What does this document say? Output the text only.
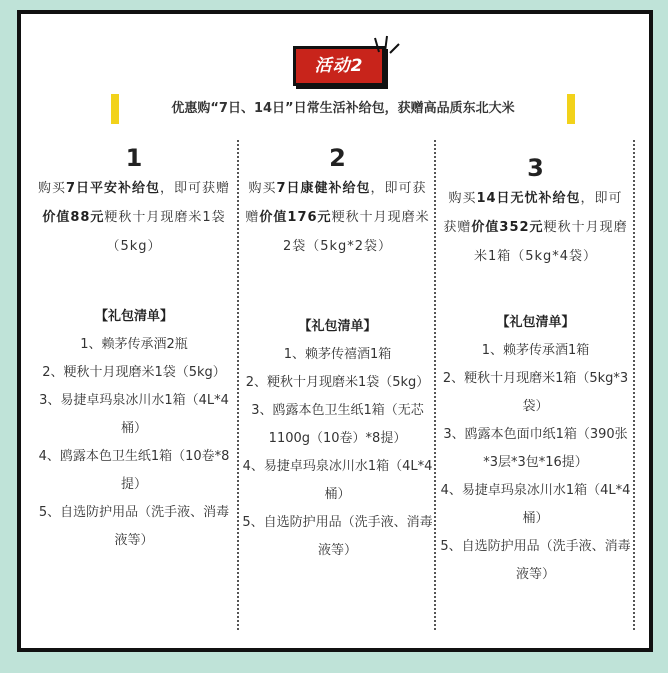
活动2
优惠购“7日、14日”日常生活补给包，获赠高品质东北大米
1
购买7日平安补给包，即可获赠价值88元粳秋十月现磨米1袋（5kg）
【礼包清单】
1、赖茅传承酒2瓶
2、粳秋十月现磨米1袋（5kg）
3、易捷卓玛泉冰川水1箱（4L*4桶）
4、鸥露本色卫生纸1箱（10卷*8提）
5、自选防护用品（洗手液、消毒液等）
2
购买7日康健补给包，即可获赠价值176元粳秋十月现磨米2袋（5kg*2袋）
【礼包清单】
1、赖茅传禧酒1箱
2、粳秋十月现磨米1袋（5kg）
3、鸥露本色卫生纸1箱（无芯1100g（10卷）*8提）
4、易捷卓玛泉冰川水1箱（4L*4桶）
5、自选防护用品（洗手液、消毒液等）
3
购买14日无忧补给包，即可获赠价值352元粳秋十月现磨米1箱（5kg*4袋）
【礼包清单】
1、赖茅传承酒1箱
2、粳秋十月现磨米1箱（5kg*3袋）
3、鸥露本色面巾纸1箱（390张*3层*3包*16提）
4、易捷卓玛泉冰川水1箱（4L*4桶）
5、自选防护用品（洗手液、消毒液等）
